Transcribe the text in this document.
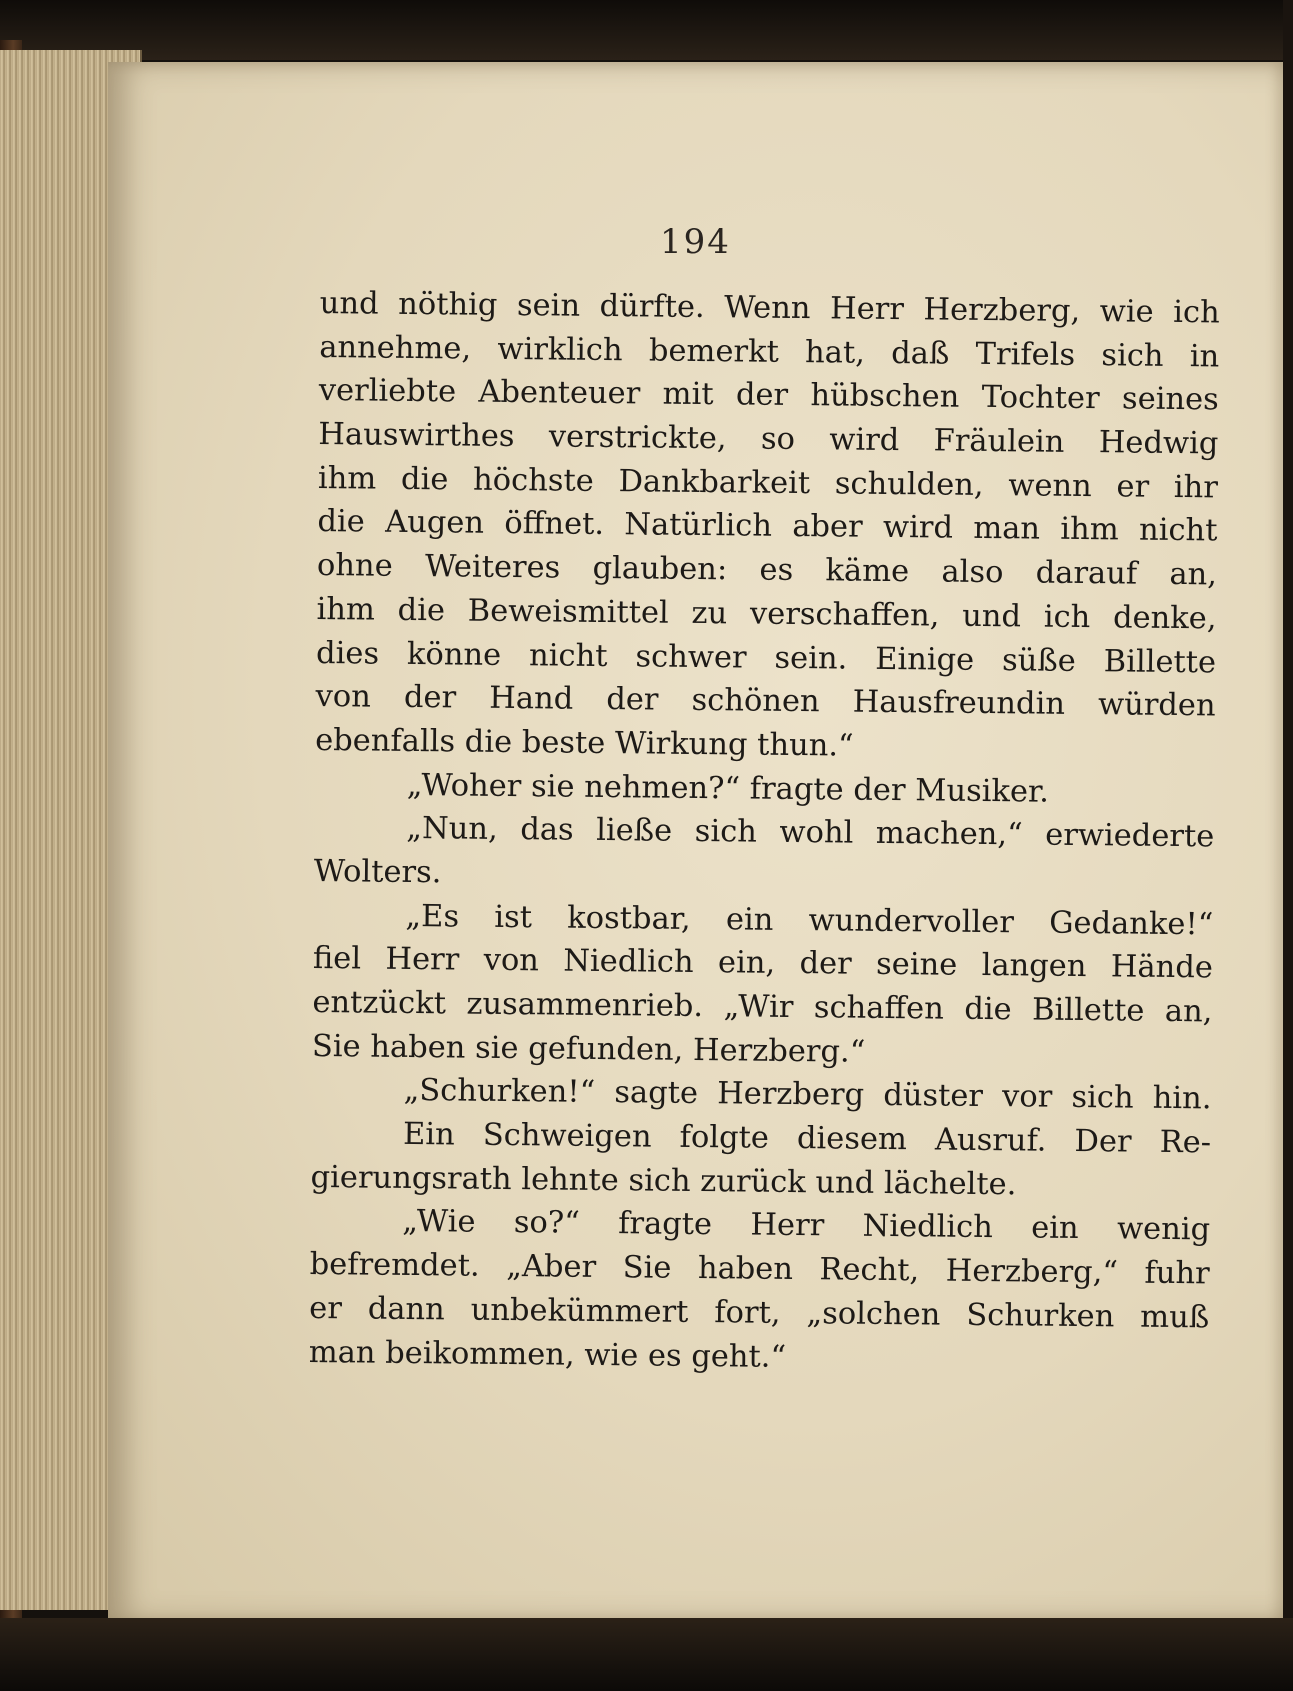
194
und nöthig sein dürfte. Wenn Herr Herzberg, wie ich
annehme, wirklich bemerkt hat, daß Trifels sich in
verliebte Abenteuer mit der hübschen Tochter seines
Hauswirthes verstrickte, so wird Fräulein Hedwig
ihm die höchste Dankbarkeit schulden, wenn er ihr
die Augen öffnet. Natürlich aber wird man ihm nicht
ohne Weiteres glauben: es käme also darauf an,
ihm die Beweismittel zu verschaffen, und ich denke,
dies könne nicht schwer sein. Einige süße Billette
von der Hand der schönen Hausfreundin würden
ebenfalls die beste Wirkung thun.“
„Woher sie nehmen?“ fragte der Musiker.
„Nun, das ließe sich wohl machen,“ erwiederte
Wolters.
„Es ist kostbar, ein wundervoller Gedanke!“
fiel Herr von Niedlich ein, der seine langen Hände
entzückt zusammenrieb. „Wir schaffen die Billette an,
Sie haben sie gefunden, Herzberg.“
„Schurken!“ sagte Herzberg düster vor sich hin.
Ein Schweigen folgte diesem Ausruf. Der Re-
gierungsrath lehnte sich zurück und lächelte.
„Wie so?“ fragte Herr Niedlich ein wenig
befremdet. „Aber Sie haben Recht, Herzberg,“ fuhr
er dann unbekümmert fort, „solchen Schurken muß
man beikommen, wie es geht.“
